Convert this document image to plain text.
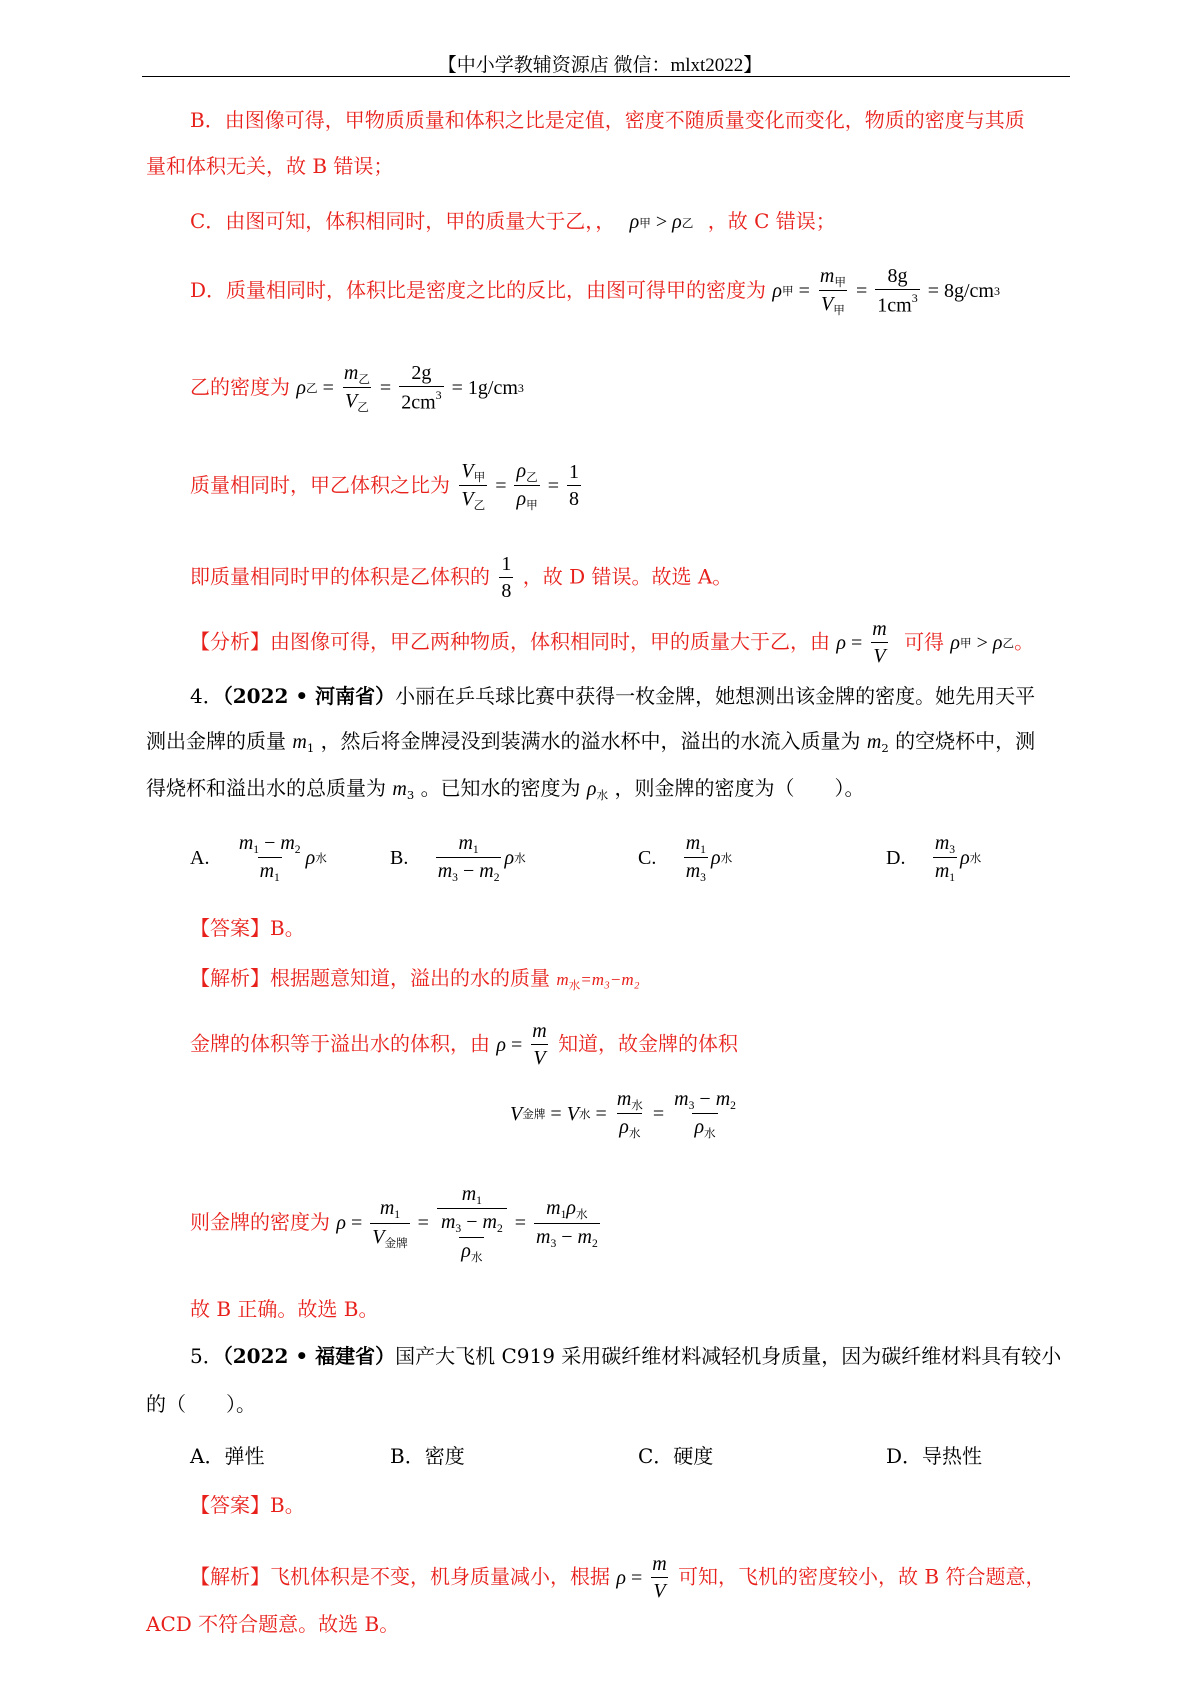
【中小学教辅资源店 微信：mlxt2022】
B．由图像可得，甲物质质量和体积之比是定值，密度不随质量变化而变化，物质的密度与其质
量和体积无关，故 B 错误；
C．由图可知，体积相同时，甲的质量大于乙，， ρ 甲 > ρ 乙 ，故 C 错误；
D．质量相同时，体积比是密度之比的反比，由图可得甲的密度为 ρ 甲 = $\frac{m_甲}{V_甲} = \frac{8g}{1cm^3} = 8g/cm$ 3
乙的密度为 ρ 乙 = $\frac{m_乙}{V_乙} = \frac{2g}{2cm^3} = 1g/cm$ 3
质量相同时，甲乙体积之比为 $\frac{V_甲}{V_乙} = \frac{\rho_乙}{\rho_甲} = \frac{1}{8}$
即质量相同时甲的体积是乙体积的 $\frac{1}{8}$ ，故 D 错误。故选 A。
【分析】由图像可得，甲乙两种物质，体积相同时，甲的质量大于乙，由 $\rho = \frac{m}{V}$ 可得 ρ 甲 > ρ 乙 。
4．（2022 • 河南省）小丽在乒乓球比赛中获得一枚金牌，她想测出该金牌的密度。她先用天平
测出金牌的质量 $m_1$ ，然后将金牌浸没到装满水的溢水杯中，溢出的水流入质量为 $m_2$ 的空烧杯中，测
得烧杯和溢出水的总质量为 $m_3$ 。已知水的密度为 $\rho_水$ ，则金牌的密度为（　　）。
A. $\frac{m_1 - m_2}{m_1}$ ρ 水	B. $\frac{m_1}{m_3 - m_2}$ ρ 水	C. $\frac{m_1}{m_3}$ ρ 水	D. $\frac{m_3}{m_1}$ ρ 水
【答案】B。
【解析】根据题意知道，溢出的水的质量 $m_水=m_3-m_2$
金牌的体积等于溢出水的体积，由 $\rho = \frac{m}{V}$ 知道，故金牌的体积
V 金牌 = V 水 = $\frac{m_水}{\rho_水} = \frac{m_3 - m_2}{\rho_水}$
则金牌的密度为 $\rho = \frac{m_1}{V_{金牌}} = \frac{m_1}{\frac{m_3 - m_2}{\rho_水}} = \frac{m_1\rho_水}{m_3 - m_2}$
故 B 正确。故选 B。
5．（2022 • 福建省）国产大飞机 C919 采用碳纤维材料减轻机身质量，因为碳纤维材料具有较小
的（　　）。
A．弹性	B．密度	C．硬度	D．导热性
【答案】B。
【解析】飞机体积是不变，机身质量减小，根据 $\rho = \frac{m}{V}$ 可知，飞机的密度较小，故 B 符合题意，
ACD 不符合题意。故选 B。
